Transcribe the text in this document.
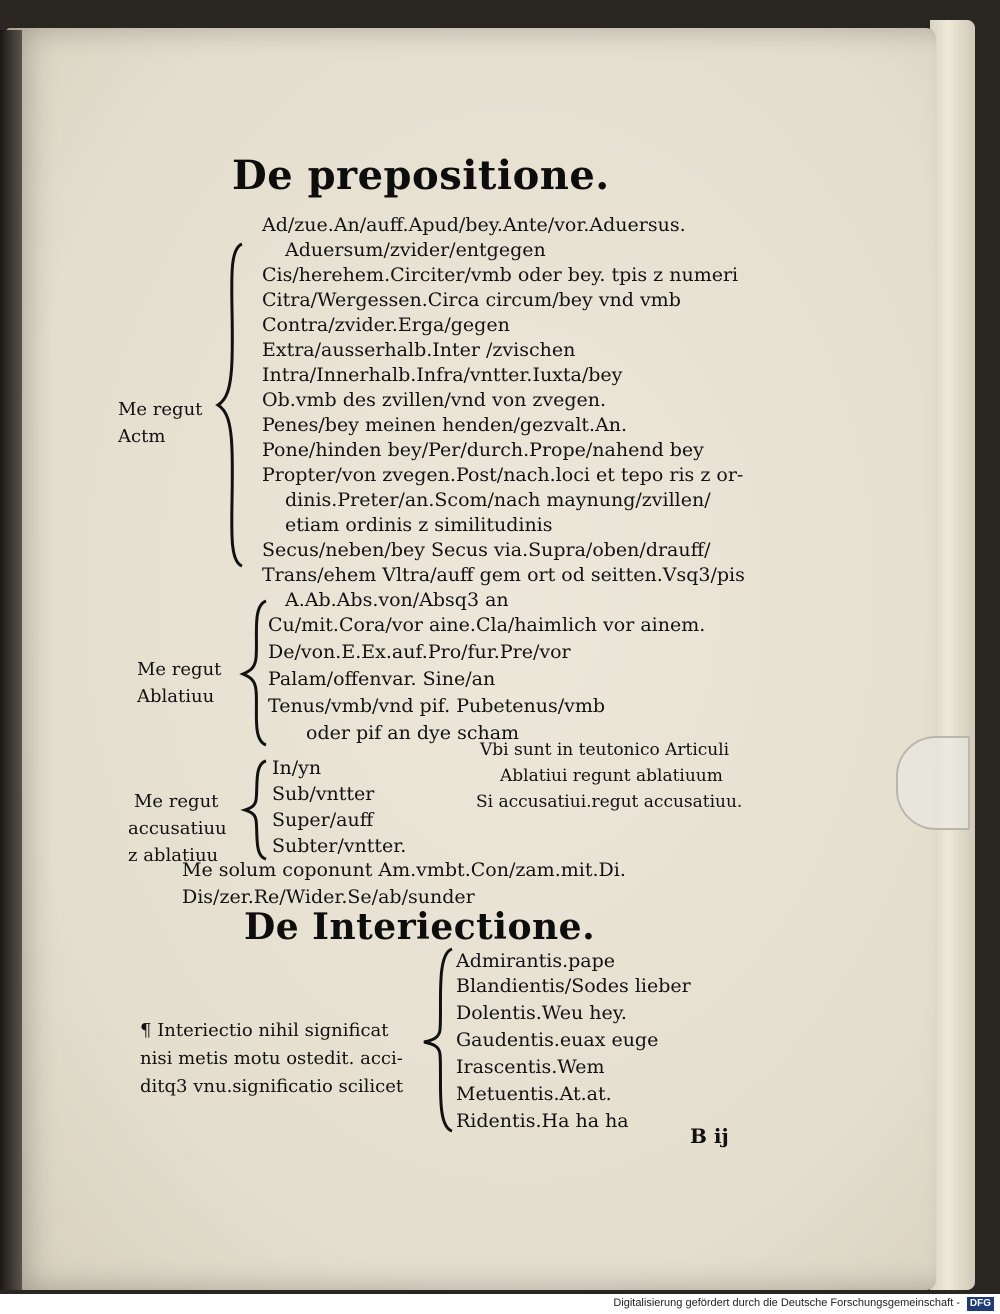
De prepositione.
Ad/zue.An/auff.Apud/bey.Ante/vor.Aduersus.
Aduersum/zvider/entgegen
Cis/herehem.Circiter/vmb oder bey. tpis z numeri
Citra/Wergessen.Circa circum/bey vnd vmb
Contra/zvider.Erga/gegen
Extra/ausserhalb.Inter /zvischen
Intra/Innerhalb.Infra/vntter.Iuxta/bey
Ob.vmb des zvillen/vnd von zvegen.
Penes/bey meinen henden/gezvalt.An.
Pone/hinden bey/Per/durch.Prope/nahend bey
Propter/von zvegen.Post/nach.loci et tepo ris z or-
dinis.Preter/an.Scom/nach maynung/zvillen/
etiam ordinis z similitudinis
Secus/neben/bey Secus via.Supra/oben/drauff/
Trans/ehem Vltra/auff gem ort od seitten.Vsq3/pis
Me regut
Actm
A.Ab.Abs.von/Absq3 an
Cu/mit.Cora/vor aine.Cla/haimlich vor ainem.
De/von.E.Ex.auf.Pro/fur.Pre/vor
Palam/offenvar. Sine/an
Tenus/vmb/vnd pif. Pubetenus/vmb
oder pif an dye scham
Me regut
Ablatiuu
In/yn
Sub/vntter
Super/auff
Subter/vntter.
Me regut
accusatiuu
z ablatiuu
Vbi sunt in teutonico Articuli
Ablatiui regunt ablatiuum
Si accusatiui.regut accusatiuu.
Me solum coponunt Am.vmbt.Con/zam.mit.Di.
Dis/zer.Re/Wider.Se/ab/sunder
De Interiectione.
¶ Interiectio nihil significat
nisi metis motu ostedit. acci-
ditq3 vnu.significatio scilicet
Admirantis.pape
Blandientis/Sodes lieber
Dolentis.Weu hey.
Gaudentis.euax euge
Irascentis.Wem
Metuentis.At.at.
Ridentis.Ha ha ha
B ij
Digitalisierung gefördert durch die Deutsche Forschungsgemeinschaft - DFG
